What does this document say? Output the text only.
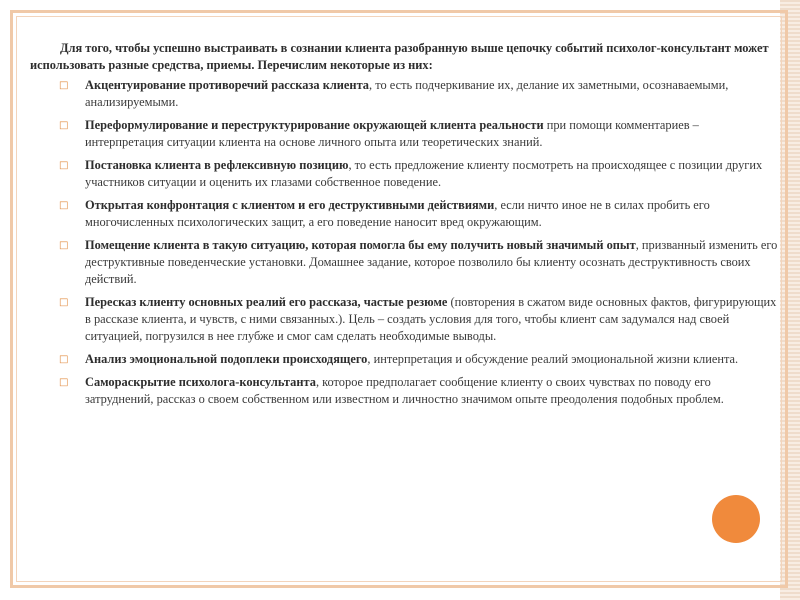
Для того, чтобы успешно выстраивать в сознании клиента разобранную выше цепочку событий психолог-консультант может использовать разные средства, приемы. Перечислим некоторые из них:

□ Акцентуирование противоречий рассказа клиента, то есть подчеркивание их, делание их заметными, осознаваемыми, анализируемыми.
□ Переформулирование и переструктурирование окружающей клиента реальности при помощи комментариев – интерпретация ситуации клиента на основе личного опыта или теоретических знаний.
□ Постановка клиента в рефлексивную позицию, то есть предложение клиенту посмотреть на происходящее с позиции других участников ситуации и оценить их глазами собственное поведение.
□ Открытая конфронтация с клиентом и его деструктивными действиями, если ничто иное не в силах пробить его многочисленных психологических защит, а его поведение наносит вред окружающим.
□ Помещение клиента в такую ситуацию, которая помогла бы ему получить новый значимый опыт, призванный изменить его деструктивные поведенческие установки. Домашнее задание, которое позволило бы клиенту осознать деструктивность своих действий.
□ Пересказ клиенту основных реалий его рассказа, частые резюме (повторения в сжатом виде основных фактов, фигурирующих в рассказе клиента, и чувств, с ними связанных.). Цель – создать условия для того, чтобы клиент сам задумался над своей ситуацией, погрузился в нее глубже и смог сам сделать необходимые выводы.
□ Анализ эмоциональной подоплеки происходящего, интерпретация и обсуждение реалий эмоциональной жизни клиента.
□ Самораскрытие психолога-консультанта, которое предполагает сообщение клиенту о своих чувствах по поводу его затруднений, рассказ о своем собственном или известном и личностно значимом опыте преодоления подобных проблем.
